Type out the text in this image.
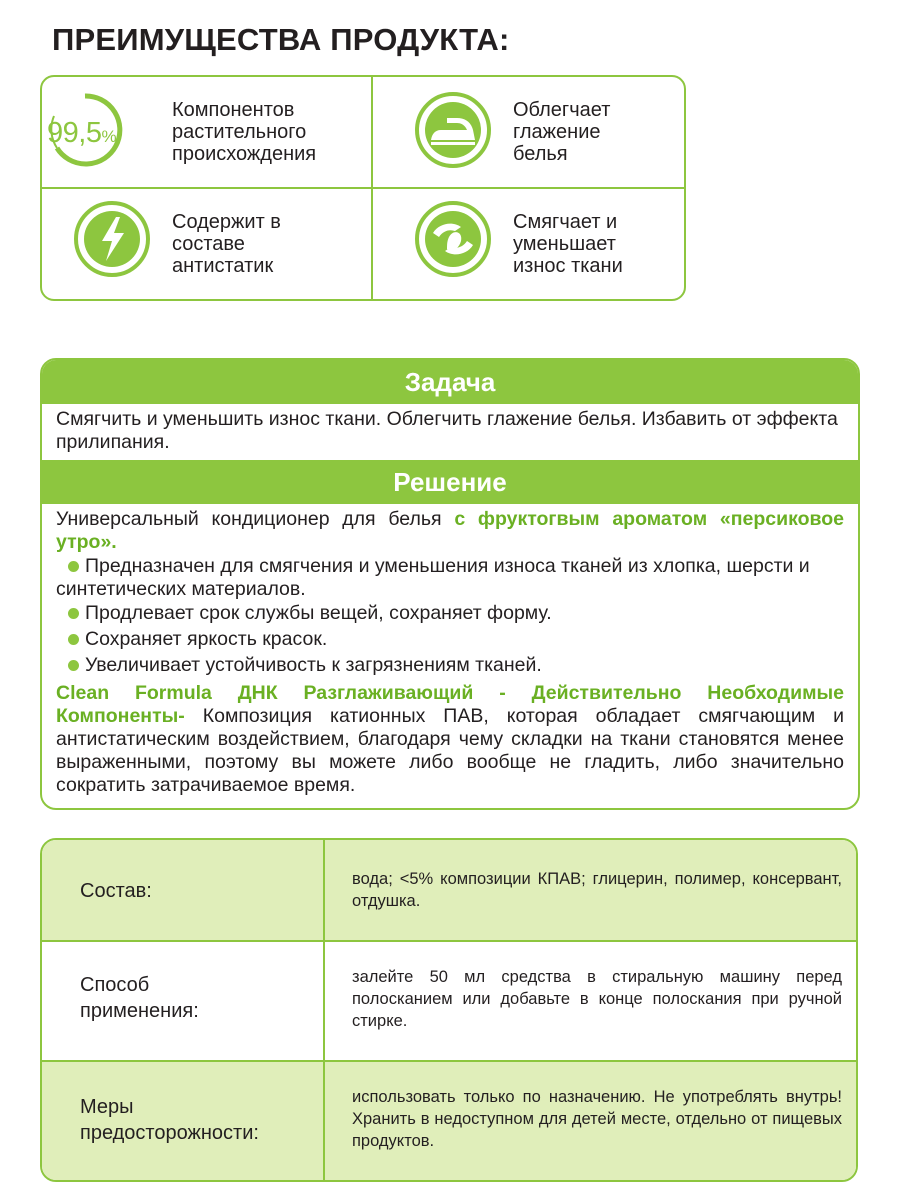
ПРЕИМУЩЕСТВА ПРОДУКТА:
99,5%
Компонентов
растительного
происхождения
Облегчает
глажение
белья
Содержит в
составе
антистатик
Смягчает и
уменьшает
износ ткани
Задача
Смягчить и уменьшить износ ткани. Облегчить глажение белья. Избавить от эффекта прилипания.
Решение
Универсальный кондиционер для белья с фруктогвым ароматом «персиковое утро».
Предназначен для смягчения и уменьшения износа тканей из хлопка, шерсти и синтетических материалов.
Продлевает срок службы вещей, сохраняет форму.
Сохраняет яркость красок.
Увеличивает устойчивость к загрязнениям тканей.
Clean Formula ДНК Разглаживающий - Действительно Необходимые Компоненты- Композиция катионных ПАВ, которая обладает смягчающим и антистатическим воздействием, благодаря чему складки на ткани становятся менее выраженными, поэтому вы можете либо вообще не гладить, либо значительно сократить затрачиваемое время.
Состав:
вода; <5% композиции КПАВ; глицерин, полимер, консервант, отдушка.
Способ
применения:
залейте 50 мл средства в стиральную машину перед полосканием или добавьте в конце полоскания при ручной стирке.
Меры
предосторожности:
использовать только по назначению. Не употреблять внутрь! Хранить в недоступном для детей месте, отдельно от пищевых продуктов.
